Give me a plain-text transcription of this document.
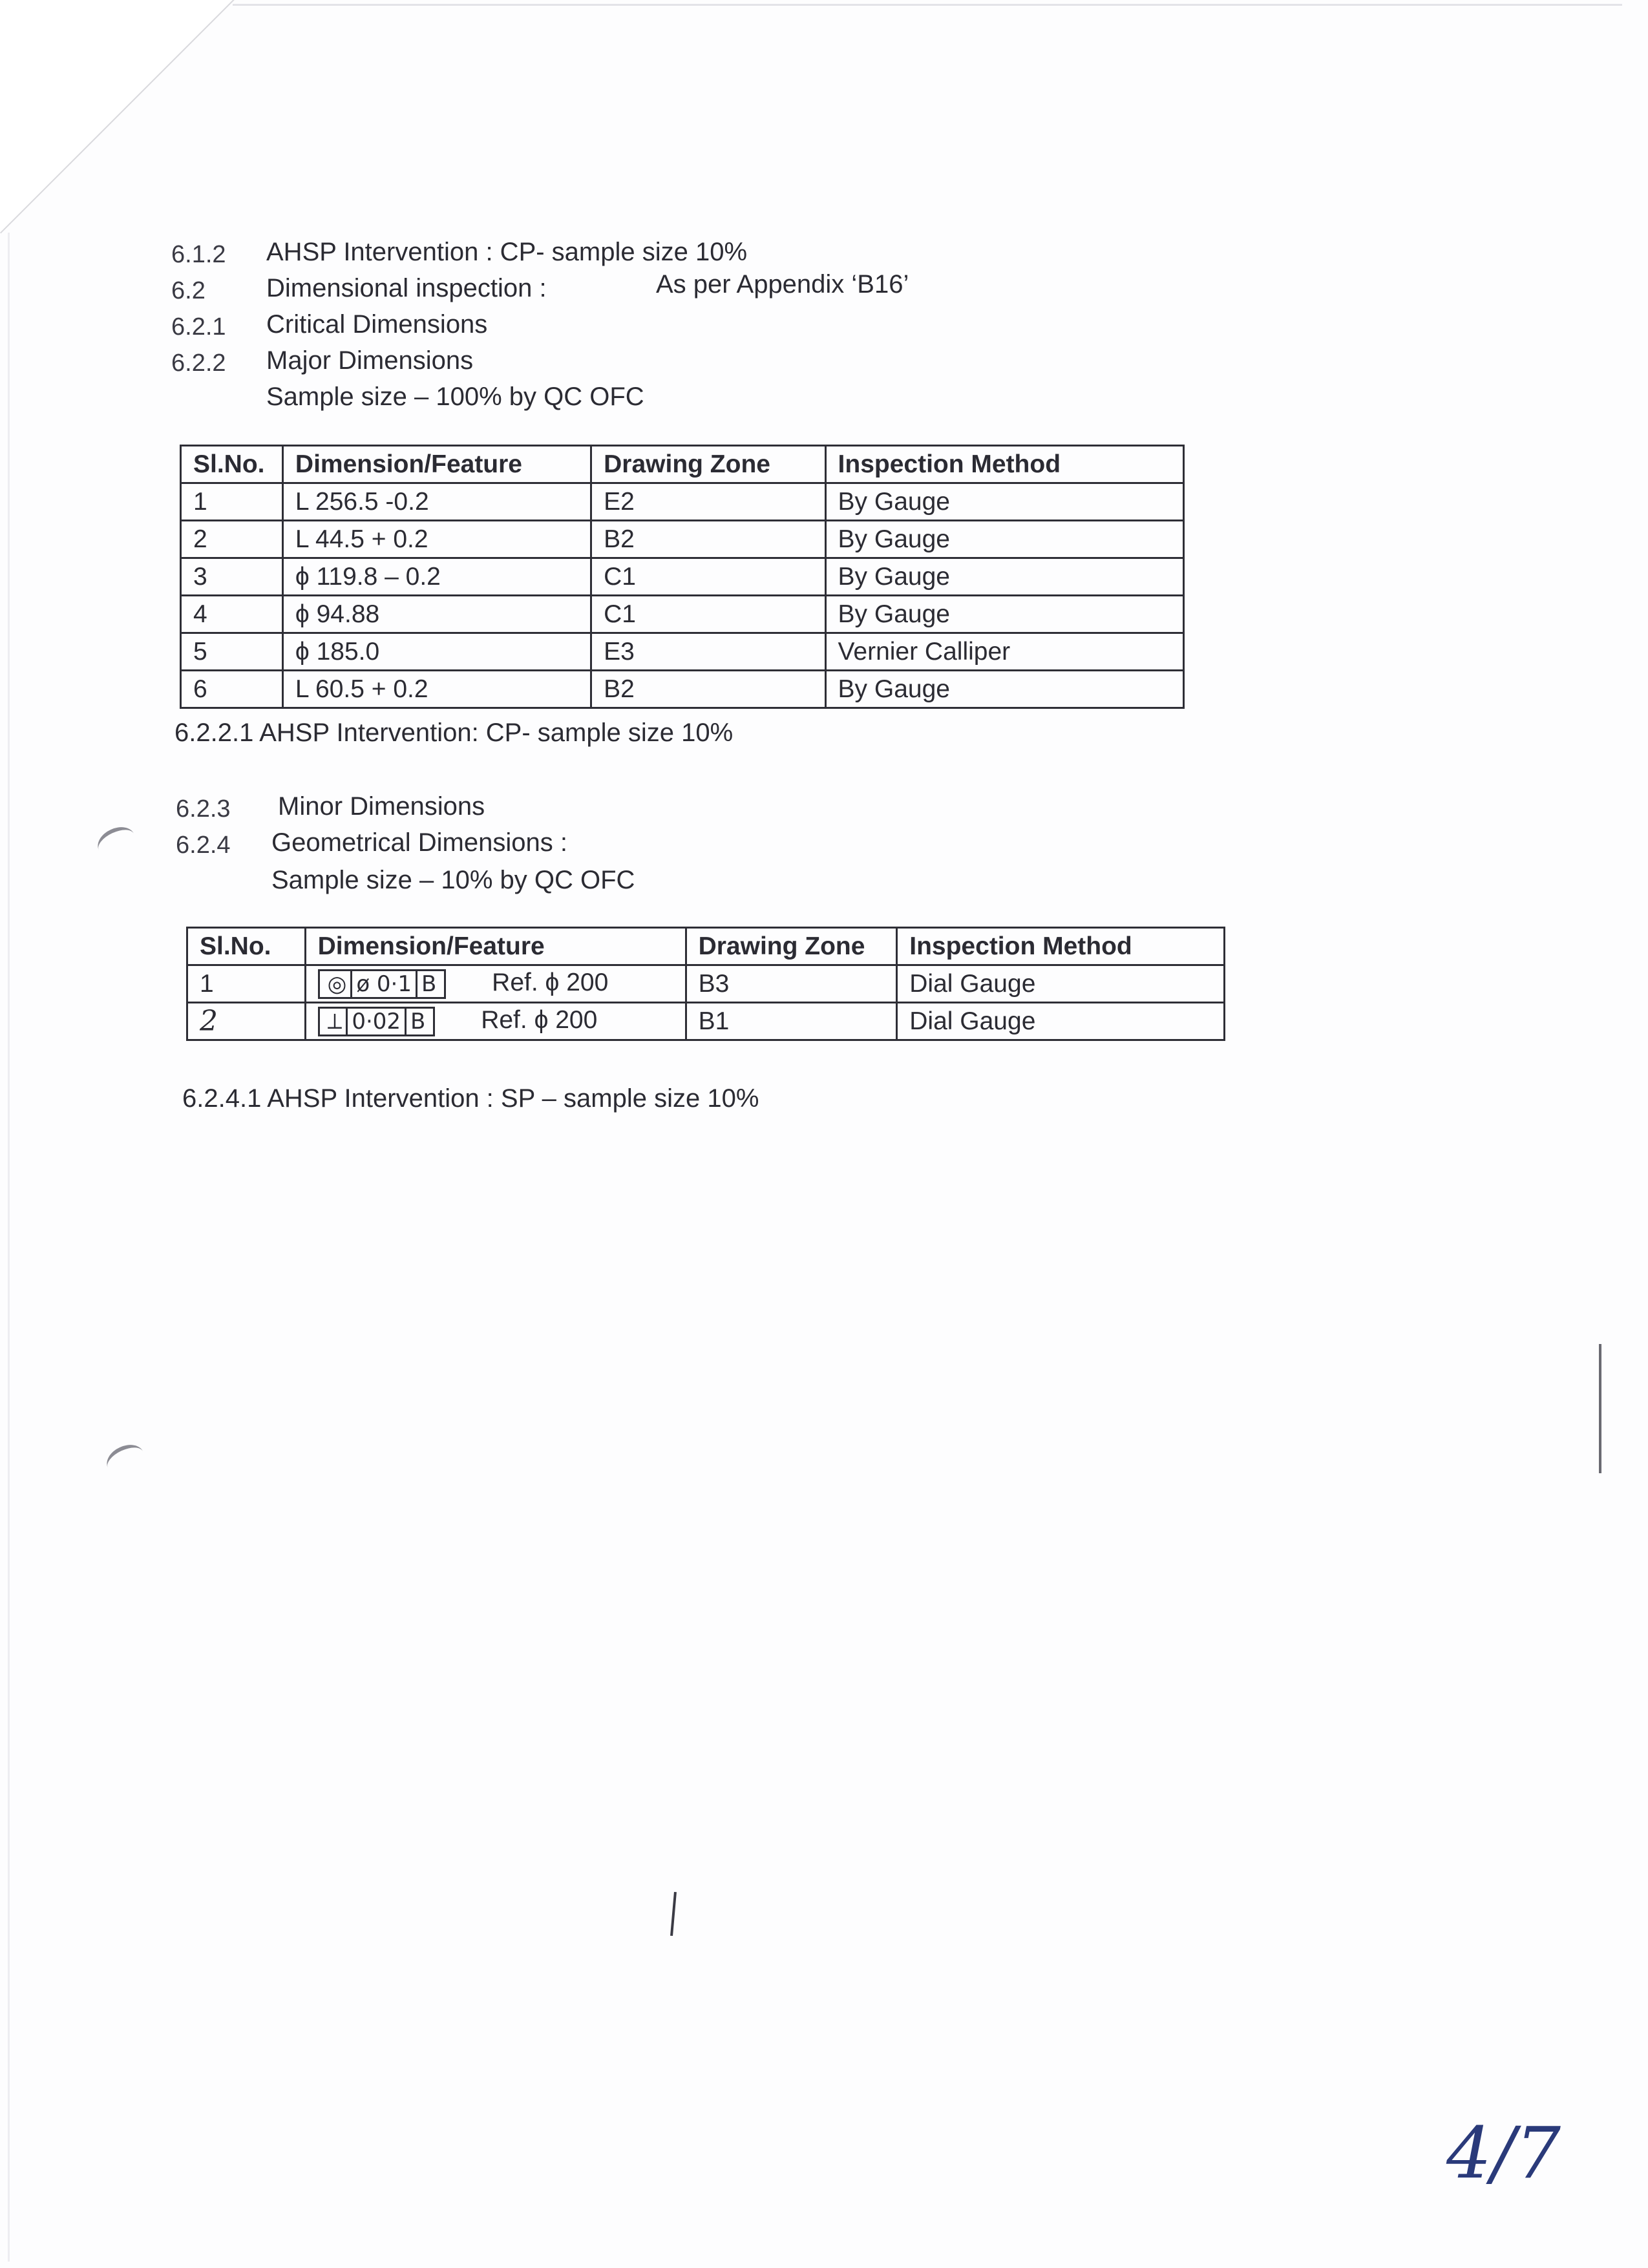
6.1.2 AHSP Intervention : CP- sample size 10%
6.2 Dimensional inspection :	As per Appendix ‘B16’
6.2.1 Critical Dimensions
6.2.2 Major Dimensions
Sample size – 100% by QC OFC
Sl.No.	Dimension/Feature	Drawing Zone	Inspection Method
1	L 256.5 -0.2	E2	By Gauge
2	L 44.5 + 0.2	B2	By Gauge
3	ϕ 119.8 – 0.2	C1	By Gauge
4	ϕ 94.88	C1	By Gauge
5	ϕ 185.0	E3	Vernier Calliper
6	L 60.5 + 0.2	B2	By Gauge
6.2.2.1 AHSP Intervention: CP- sample size 10%
6.2.3 Minor Dimensions
6.2.4 Geometrical Dimensions :
Sample size – 10% by QC OFC
Sl.No.	Dimension/Feature	Drawing Zone	Inspection Method
1	◎ ø 0·1 B Ref. ϕ 200	B3	Dial Gauge
2	⟂ 0·02 B Ref. ϕ 200	B1	Dial Gauge
6.2.4.1 AHSP Intervention : SP – sample size 10%
4/7
